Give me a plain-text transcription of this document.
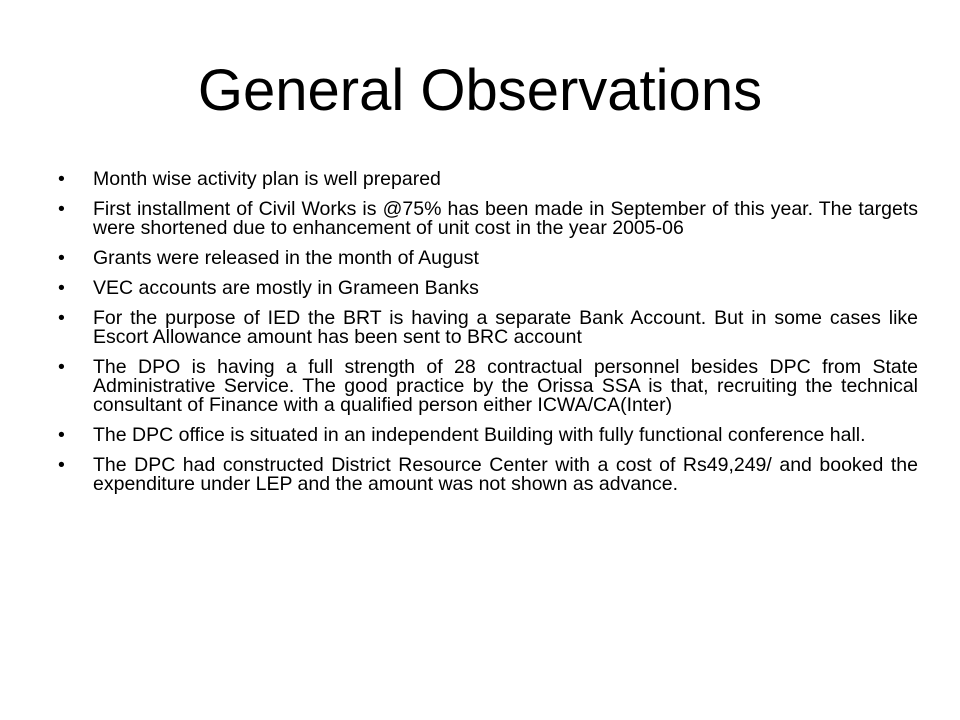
General Observations
• Month wise activity plan is well prepared
• First installment of Civil Works is @75% has been made in September of this year. The targets were shortened due to enhancement of unit cost in the year 2005-06
• Grants were released in the month of August
• VEC accounts are mostly in Grameen Banks
• For the purpose of IED the BRT is having a separate Bank Account. But in some cases like Escort Allowance amount has been sent to BRC account
• The DPO is having a full strength of 28 contractual personnel besides DPC from State Administrative Service. The good practice by the Orissa SSA is that, recruiting the technical consultant of Finance with a qualified person either ICWA/CA(Inter)
• The DPC office is situated in an independent Building with fully functional conference hall.
• The DPC had constructed District Resource Center with a cost of Rs49,249/ and booked the expenditure under LEP and the amount was not shown as advance.
